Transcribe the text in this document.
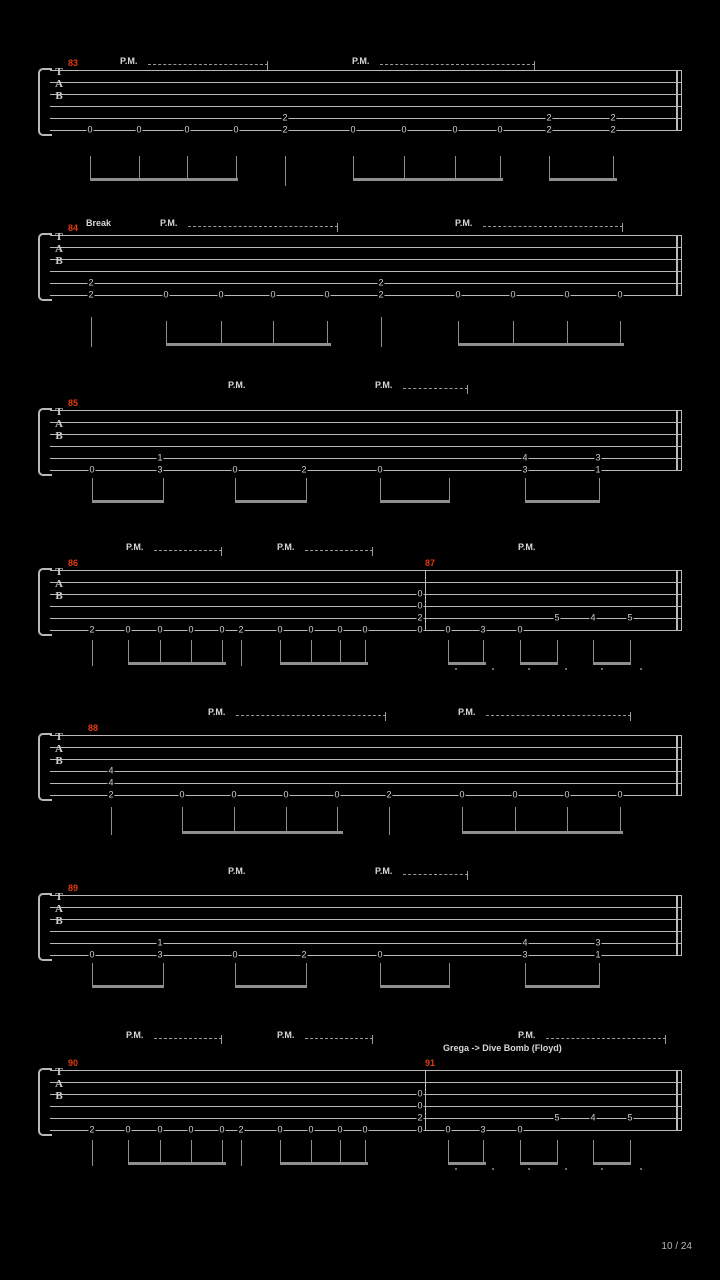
P.M.	P.M.
83
T
A
B
0	0	0	0	2
2
0	0	0	0	2
2
2
2
Break	P.M.	P.M.
84
T
A
B
2
2
0	0	0	0	2
2
0	0	0	0
P.M.	P.M.
85
T
A
B
0	3
1
0	2	0
4
3
3
1
P.M.	P.M.	P.M.
86	87
T
A
B
2	0	0	0	0 2	0	0	0 0
0
0
2
0	0	3	0
5	4	5
P.M.	P.M.
88
T
A
B
4
4
2	0	0	0	0	2	0	0	0	0
P.M.	P.M.
89
T
A
B
0	3
1
0	2	0
4
3
3
1
P.M.	P.M.	P.M.
Grega -> Dive Bomb (Floyd)
90	91
T
A
B
2	0	0	0	0 2	0	0	0 0
0
0
2
0	0	3	0
5	4	5
10 / 24
